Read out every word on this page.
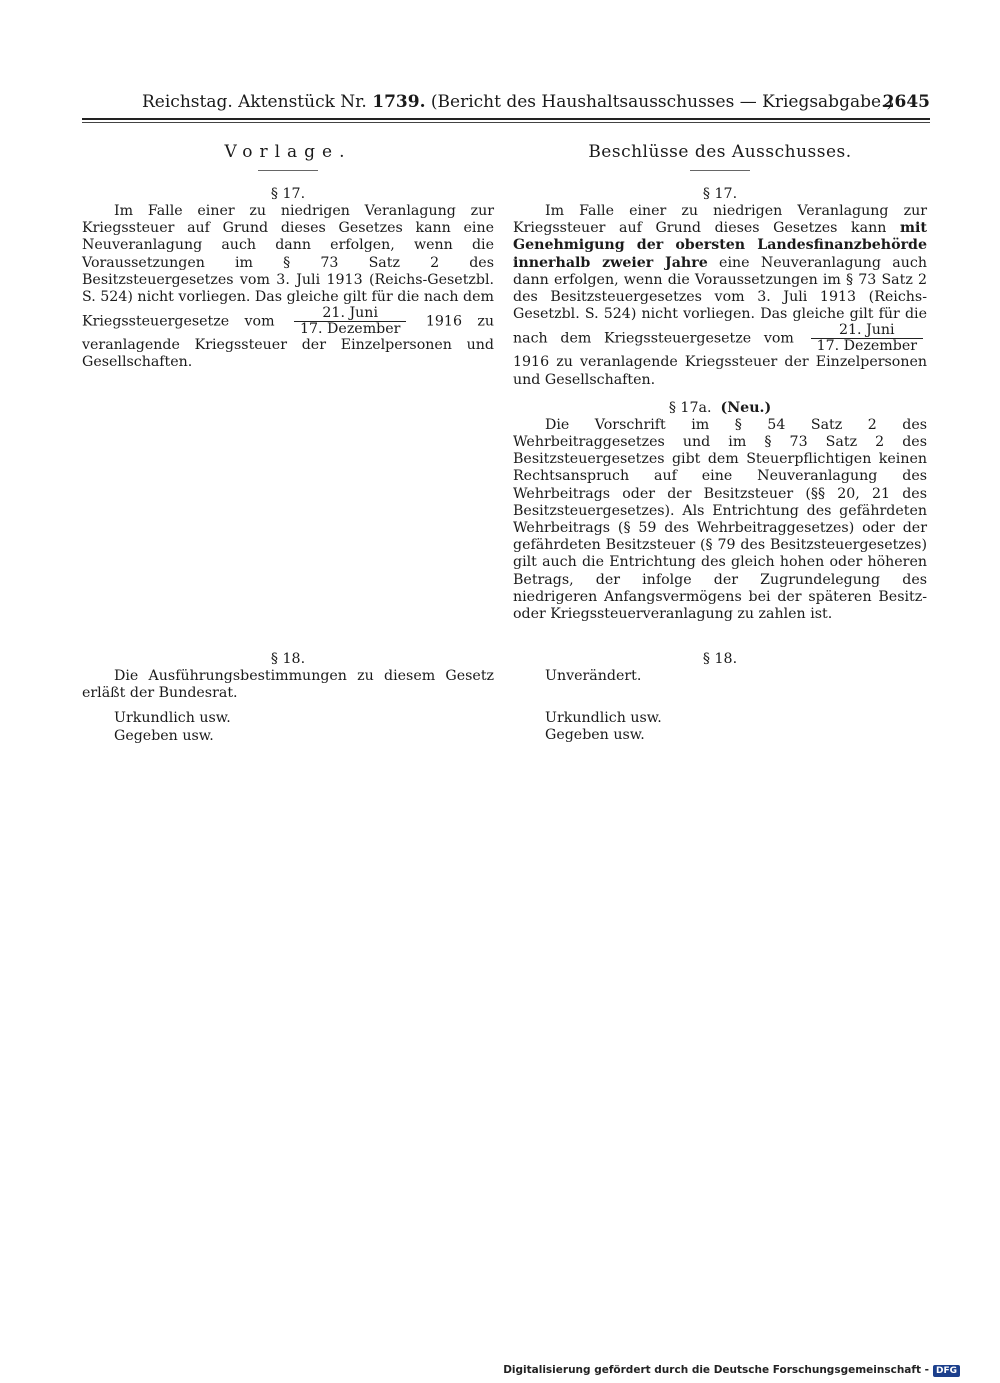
Reichstag. Aktenstück Nr. 1739. (Bericht des Haushaltsausschusses — Kriegsabgabe.)
2645
Vorlage.
§ 17.

Im Falle einer zu niedrigen Veranlagung zur Kriegssteuer auf Grund dieses Gesetzes kann eine Neuveranlagung auch dann erfolgen, wenn die Voraussetzungen im § 73 Satz 2 des Besitzsteuergesetzes vom 3. Juli 1913 (Reichs-Gesetzbl. S. 524) nicht vorliegen. Das gleiche gilt für die nach dem Kriegssteuergesetze vom $\frac{\text{21. Juni}}{\text{17. Dezember}} 1916$ zu veranlagende Kriegssteuer der Einzelpersonen und Gesellschaften.

§ 18.

Die Ausführungsbestimmungen zu diesem Gesetz erläßt der Bundesrat.

Urkundlich usw.

Gegeben usw.

Beschlüsse des Ausschusses.
§ 17.

Im Falle einer zu niedrigen Veranlagung zur Kriegssteuer auf Grund dieses Gesetzes kann mit Genehmigung der obersten Landesfinanzbehörde innerhalb zweier Jahre eine Neuveranlagung auch dann erfolgen, wenn die Voraussetzungen im § 73 Satz 2 des Besitzsteuergesetzes vom 3. Juli 1913 (Reichs-Gesetzbl. S. 524) nicht vorliegen. Das gleiche gilt für die nach dem Kriegssteuergesetze vom $\frac{\text{21. Juni}}{\text{17. Dezember}}$
1916 zu veranlagende Kriegssteuer der Einzelpersonen und Gesellschaften.

§ 17a. (Neu.)

Die Vorschrift im § 54 Satz 2 des Wehrbeitraggesetzes und im § 73 Satz 2 des Besitzsteuergesetzes gibt dem Steuerpflichtigen keinen Rechtsanspruch auf eine Neuveranlagung des Wehrbeitrags oder der Besitzsteuer (§§ 20, 21 des Besitzsteuergesetzes). Als Entrichtung des gefährdeten Wehrbeitrags (§ 59 des Wehrbeitraggesetzes) oder der gefährdeten Besitzsteuer (§ 79 des Besitzsteuergesetzes) gilt auch die Entrichtung des gleich hohen oder höheren Betrags, der infolge der Zugrundelegung des niedrigeren Anfangsvermögens bei der späteren Besitz- oder Kriegssteuerveranlagung zu zahlen ist.

§ 18.

Unverändert.

Urkundlich usw.

Gegeben usw.

Digitalisierung gefördert durch die Deutsche Forschungsgemeinschaft - DFG
